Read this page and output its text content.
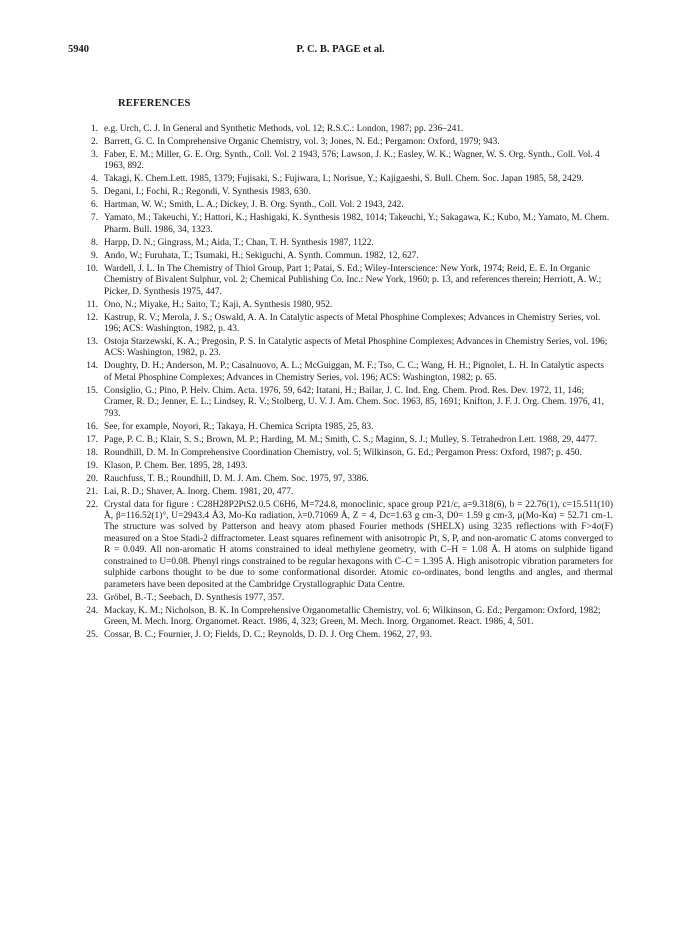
5940	P. C. B. PAGE et al.
REFERENCES
1. e.g. Urch, C. J. In General and Synthetic Methods, vol. 12; R.S.C.: London, 1987; pp. 236–241.
2. Barrett, G. C. In Comprehensive Organic Chemistry, vol. 3; Jones, N. Ed.; Pergamon: Oxford, 1979; 943.
3. Faber, E. M.; Miller, G. E. Org. Synth., Coll. Vol. 2 1943, 576; Lawson, J. K.; Easley, W. K.; Wagner, W. S. Org. Synth., Coll. Vol. 4 1963, 892.
4. Takagi, K. Chem.Lett. 1985, 1379; Fujisaki, S.; Fujiwara, I.; Norisue, Y.; Kajigaeshi, S. Bull. Chem. Soc. Japan 1985, 58, 2429.
5. Degani, I.; Fochi, R.; Regondi, V. Synthesis 1983, 630.
6. Hartman, W. W.; Smith, L. A.; Dickey, J. B. Org. Synth., Coll. Vol. 2 1943, 242.
7. Yamato, M.; Takeuchi, Y.; Hattori, K.; Hashigaki, K. Synthesis 1982, 1014; Takeuchi, Y.; Sakagawa, K.; Kubo, M.; Yamato, M. Chem. Pharm. Bull. 1986, 34, 1323.
8. Harpp, D. N.; Gingrass, M.; Aida, T.; Chan, T. H. Synthesis 1987, 1122.
9. Ando, W.; Furuhata, T.; Tsumaki, H.; Sekiguchi, A. Synth. Commun. 1982, 12, 627.
10. Wardell, J. L. In The Chemistry of Thiol Group, Part 1; Patai, S. Ed.; Wiley-Interscience: New York, 1974; Reid, E. E. In Organic Chemistry of Bivalent Sulphur, vol. 2; Chemical Publishing Co. Inc.: New York, 1960; p. 13, and references therein; Herriott, A. W.; Picker, D. Synthesis 1975, 447.
11. Ono, N.; Miyake, H.; Saito, T.; Kaji, A. Synthesis 1980, 952.
12. Kastrup, R. V.; Merola, J. S.; Oswald, A. A. In Catalytic aspects of Metal Phosphine Complexes; Advances in Chemistry Series, vol. 196; ACS: Washington, 1982, p. 43.
13. Ostoja Starzewski, K. A.; Pregosin, P. S. In Catalytic aspects of Metal Phosphine Complexes; Advances in Chemistry Series, vol. 196; ACS: Washington, 1982, p. 23.
14. Doughty, D. H.; Anderson, M. P.; Casalnuovo, A. L.; McGuiggan, M. F.; Tso, C. C.; Wang, H. H.; Pignolet, L. H. In Catalytic aspects of Metal Phosphine Complexes; Advances in Chemistry Series, vol. 196; ACS: Washington, 1982; p. 65.
15. Consiglio, G.; Pino, P. Helv. Chim. Acta. 1976, 59, 642; Itatani, H.; Bailar, J. C. Ind. Eng. Chem. Prod. Res. Dev. 1972, 11, 146; Cramer, R. D.; Jenner, E. L.; Lindsey, R. V.; Stolberg, U. V. J. Am. Chem. Soc. 1963, 85, 1691; Knifton, J. F. J. Org. Chem. 1976, 41, 793.
16. See, for example, Noyori, R.; Takaya, H. Chemica Scripta 1985, 25, 83.
17. Page, P. C. B.; Klair, S. S.; Brown, M. P.; Harding, M. M.; Smith, C. S.; Maginn, S. J.; Mulley, S. Tetrahedron Lett. 1988, 29, 4477.
18. Roundhill, D. M. In Comprehensive Coordination Chemistry, vol. 5; Wilkinson, G. Ed.; Pergamon Press: Oxford, 1987; p. 450.
19. Klason, P. Chem. Ber. 1895, 28, 1493.
20. Rauchfuss, T. B.; Roundhill, D. M. J. Am. Chem. Soc. 1975, 97, 3386.
21. Lai, R. D.; Shaver, A. Inorg. Chem. 1981, 20, 477.
22. Crystal data for figure : C28H28P2PtS2.0.5 C6H6, M=724.8, monoclinic, space group P21/c, a=9.318(6), b = 22.76(1), c=15.511(10) Å, β=116.52(1)°, U=2943.4 Å3, Mo-Kα radiation, λ=0.71069 Å, Z = 4, Dc=1.63 g cm-3, D0= 1.59 g cm-3, μ(Mo-Kα) = 52.71 cm-1. The structure was solved by Patterson and heavy atom phased Fourier methods (SHELX) using 3235 reflections with F>4σ(F) measured on a Stoe Stadi-2 diffractometer. Least squares refinement with anisotropic Pt, S, P, and non-aromatic C atoms converged to R = 0.049. All non-aromatic H atoms constrained to ideal methylene geometry, with C–H = 1.08 Å. H atoms on sulphide ligand constrained to U=0.08. Phenyl rings constrained to be regular hexagons with C–C = 1.395 Å. High anisotropic vibration parameters for sulphide carbons thought to be due to some conformational disorder. Atomic co-ordinates, bond lengths and angles, and thermal parameters have been deposited at the Cambridge Crystallographic Data Centre.
23. Gröbel, B.-T.; Seebach, D. Synthesis 1977, 357.
24. Mackay, K. M.; Nicholson, B. K. In Comprehensive Organometallic Chemistry, vol. 6; Wilkinson, G. Ed.; Pergamon: Oxford, 1982; Green, M. Mech. Inorg. Organomet. React. 1986, 4, 323; Green, M. Mech. Inorg. Organomet. React. 1986, 4, 501.
25. Cossar, B. C.; Fournier, J. O; Fields, D. C.; Reynolds, D. D. J. Org Chem. 1962, 27, 93.
